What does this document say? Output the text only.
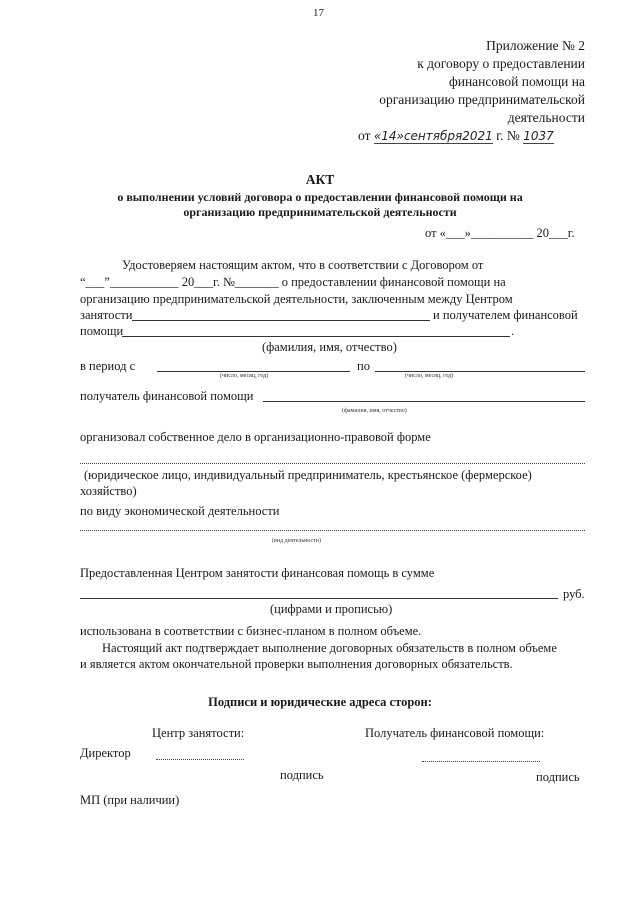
17
Приложение № 2
к договору о предоставлении
финансовой помощи на
организацию предпринимательской
деятельности
от «14»сентября2021 г. № 1037
АКТ
о выполнении условий договора о предоставлении финансовой помощи на
организацию предпринимательской деятельности
от «___»__________ 20___г.
Удостоверяем настоящим актом, что в соответствии с Договором от
“___”___________ 20___г. №_______ о предоставлении финансовой помощи на
организацию предпринимательской деятельности, заключенным между Центром
занятости	и получателем финансовой
помощи	.
(фамилия, имя, отчество)
в период с
(число, месяц, год)
по
(число, месяц, год)
получатель финансовой помощи
(фамилия, имя, отчество)
организовал собственное дело в организационно-правовой форме
(юридическое лицо, индивидуальный предприниматель, крестьянское (фермерское)
хозяйство)
по виду экономической деятельности
(вид деятельности)
Предоставленная Центром занятости финансовая помощь в сумме
руб.
(цифрами и прописью)
использована в соответствии с бизнес-планом в полном объеме.
Настоящий акт подтверждает выполнение договорных обязательств в полном объеме
и является актом окончательной проверки выполнения договорных обязательств.
Подписи и юридические адреса сторон:
Центр занятости:	Получатель финансовой помощи:
Директор
подпись	подпись
МП (при наличии)
